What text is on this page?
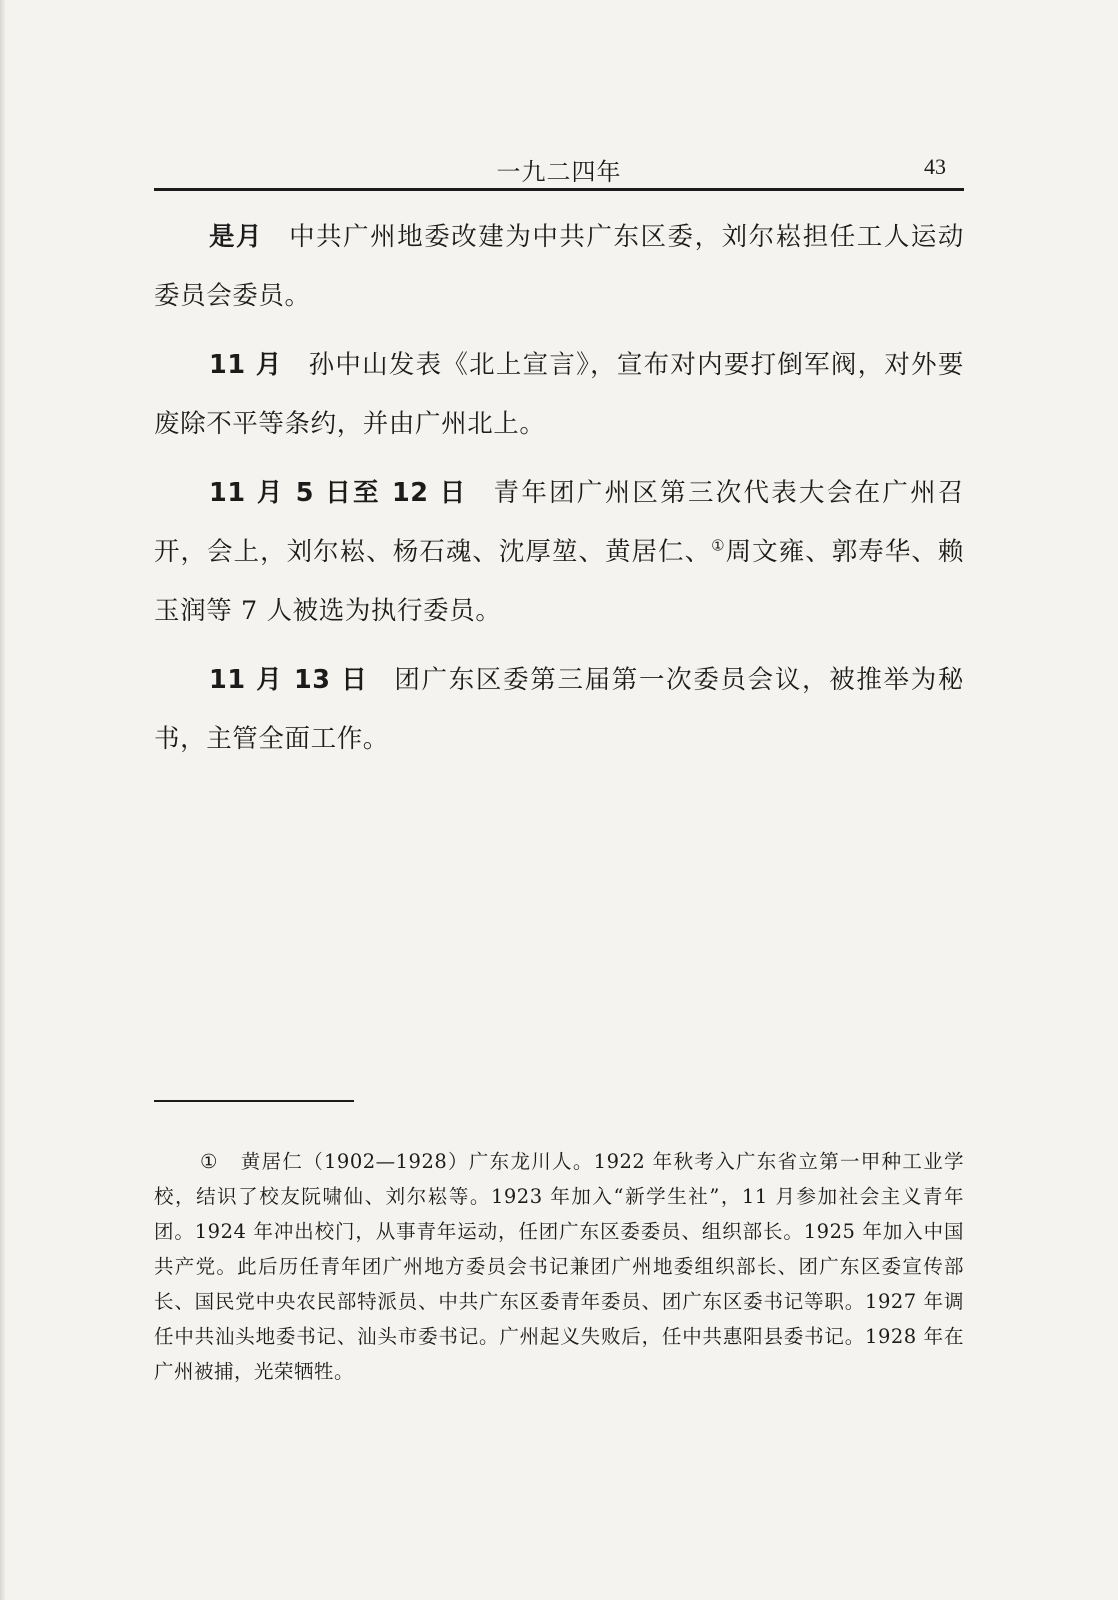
一九二四年	43

是月 中共广州地委改建为中共广东区委，刘尔崧担任工人运动委员会委员。

11 月 孙中山发表《北上宣言》，宣布对内要打倒军阀，对外要废除不平等条约，并由广州北上。

11 月 5 日至 12 日 青年团广州区第三次代表大会在广州召开，会上，刘尔崧、杨石魂、沈厚堃、黄居仁、①周文雍、郭寿华、赖玉润等 7 人被选为执行委员。

11 月 13 日 团广东区委第三届第一次委员会议，被推举为秘书，主管全面工作。

① 黄居仁（1902—1928）广东龙川人。1922 年秋考入广东省立第一甲种工业学校，结识了校友阮啸仙、刘尔崧等。1923 年加入“新学生社”，11 月参加社会主义青年团。1924 年冲出校门，从事青年运动，任团广东区委委员、组织部长。1925 年加入中国共产党。此后历任青年团广州地方委员会书记兼团广州地委组织部长、团广东区委宣传部长、国民党中央农民部特派员、中共广东区委青年委员、团广东区委书记等职。1927 年调任中共汕头地委书记、汕头市委书记。广州起义失败后，任中共惠阳县委书记。1928 年在广州被捕，光荣牺牲。
